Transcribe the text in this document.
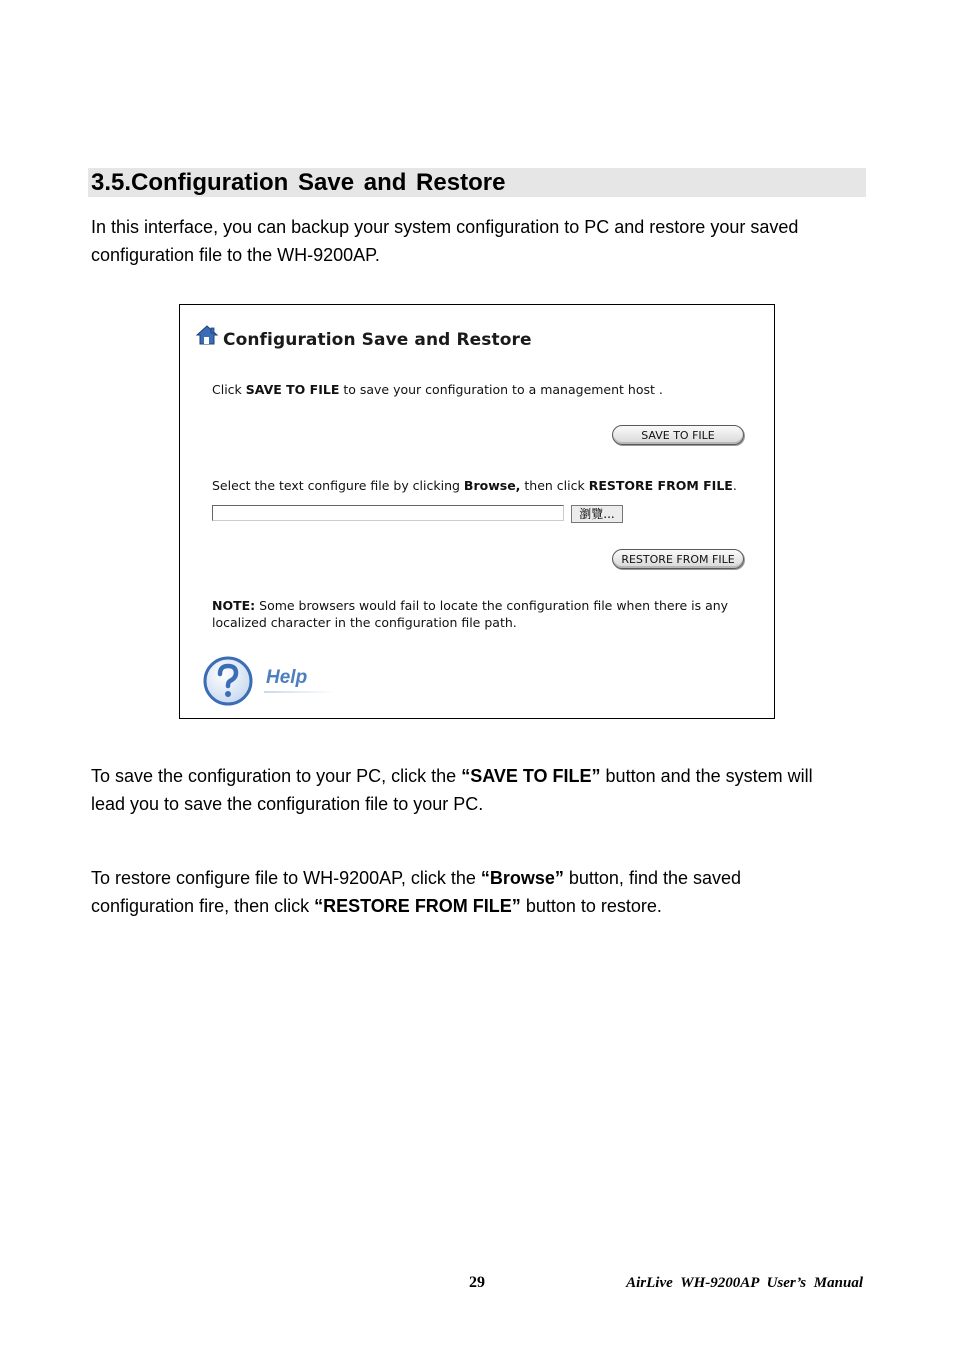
3.5.Configuration Save and Restore

In this interface, you can backup your system configuration to PC and restore your saved
configuration file to the WH-9200AP.

Configuration Save and Restore
Click SAVE TO FILE to save your configuration to a management host .
SAVE TO FILE
Select the text configure file by clicking Browse, then click RESTORE FROM FILE.
瀏覽...
RESTORE FROM FILE
NOTE: Some browsers would fail to locate the configuration file when there is any
localized character in the configuration file path.
Help

To save the configuration to your PC, click the “SAVE TO FILE” button and the system will
lead you to save the configuration file to your PC.

To restore configure file to WH-9200AP, click the “Browse” button, find the saved
configuration fire, then click “RESTORE FROM FILE” button to restore.

29	AirLive WH-9200AP User’s Manual
